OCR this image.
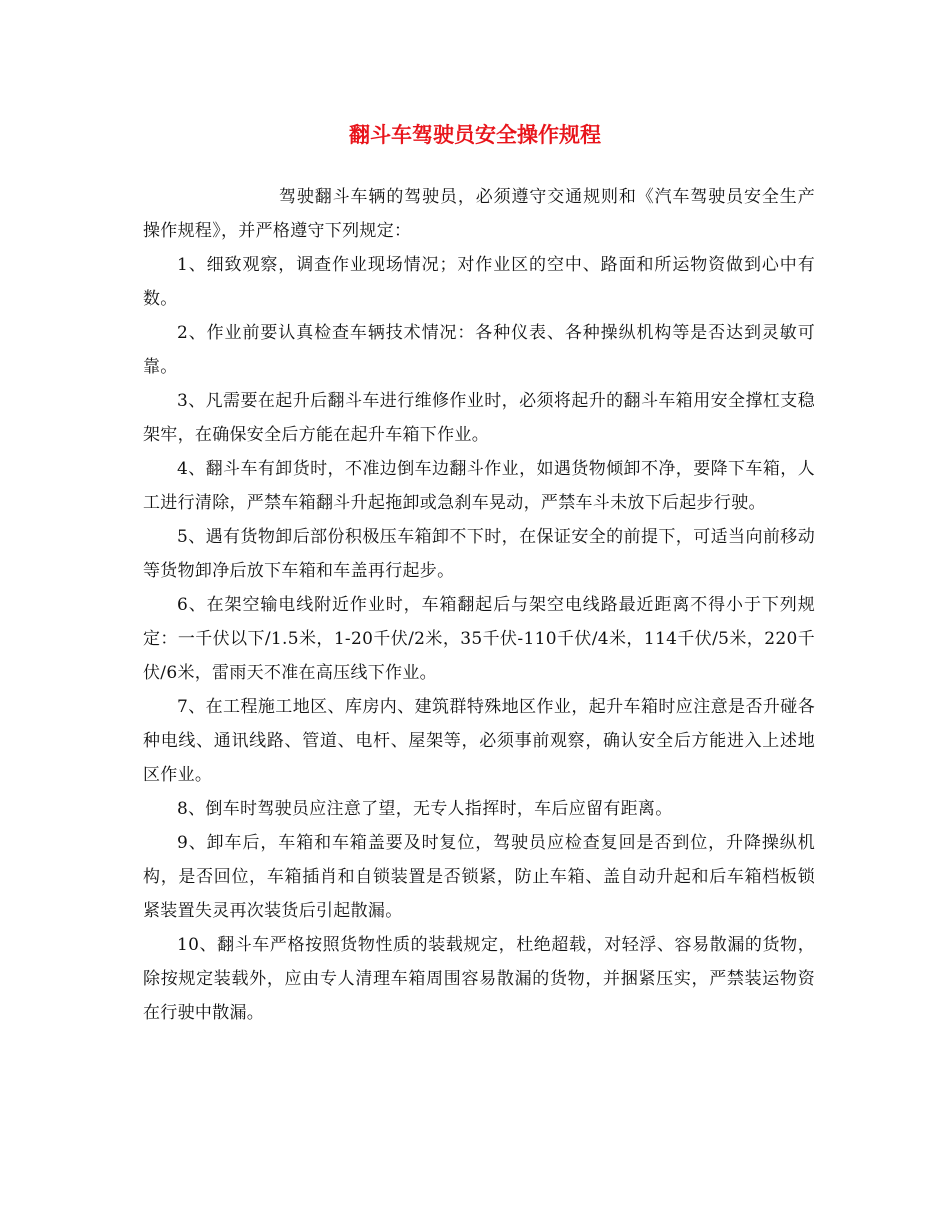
翻斗车驾驶员安全操作规程

驾驶翻斗车辆的驾驶员，必须遵守交通规则和《汽车驾驶员安全生产操作规程》，并严格遵守下列规定：

1、细致观察，调查作业现场情况；对作业区的空中、路面和所运物资做到心中有数。

2、作业前要认真检查车辆技术情况：各种仪表、各种操纵机构等是否达到灵敏可靠。

3、凡需要在起升后翻斗车进行维修作业时，必须将起升的翻斗车箱用安全撑杠支稳架牢，在确保安全后方能在起升车箱下作业。

4、翻斗车有卸货时，不准边倒车边翻斗作业，如遇货物倾卸不净，要降下车箱，人工进行清除，严禁车箱翻斗升起拖卸或急刹车晃动，严禁车斗未放下后起步行驶。

5、遇有货物卸后部份积极压车箱卸不下时，在保证安全的前提下，可适当向前移动等货物卸净后放下车箱和车盖再行起步。

6、在架空输电线附近作业时，车箱翻起后与架空电线路最近距离不得小于下列规定：一千伏以下/1.5米，1-20千伏/2米，35千伏-110千伏/4米，114千伏/5米，220千伏/6米，雷雨天不准在高压线下作业。

7、在工程施工地区、库房内、建筑群特殊地区作业，起升车箱时应注意是否升碰各种电线、通讯线路、管道、电杆、屋架等，必须事前观察，确认安全后方能进入上述地区作业。

8、倒车时驾驶员应注意了望，无专人指挥时，车后应留有距离。

9、卸车后，车箱和车箱盖要及时复位，驾驶员应检查复回是否到位，升降操纵机构，是否回位，车箱插肖和自锁装置是否锁紧，防止车箱、盖自动升起和后车箱档板锁紧装置失灵再次装货后引起散漏。

10、翻斗车严格按照货物性质的装载规定，杜绝超载，对轻浮、容易散漏的货物，除按规定装载外，应由专人清理车箱周围容易散漏的货物，并捆紧压实，严禁装运物资在行驶中散漏。
